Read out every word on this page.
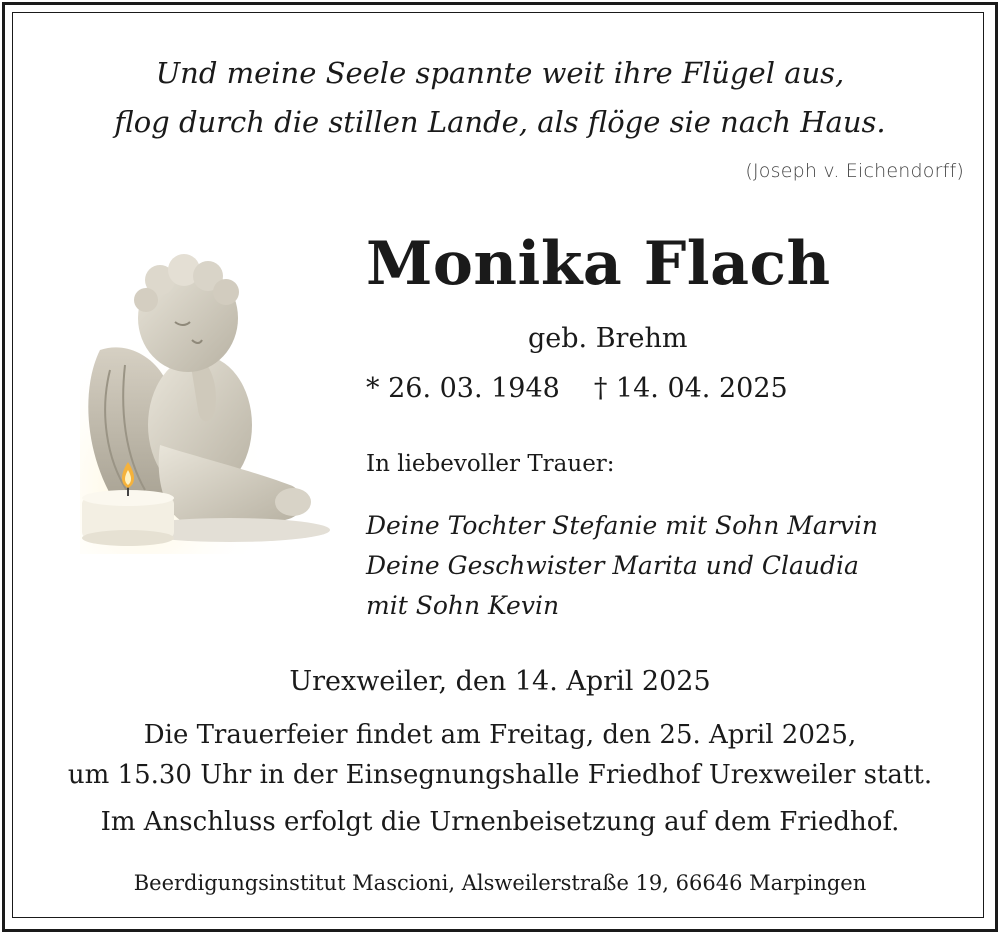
Und meine Seele spannte weit ihre Flügel aus,
flog durch die stillen Lande, als flöge sie nach Haus.
(Joseph v. Eichendorff)
Monika Flach
geb. Brehm
* 26. 03. 1948 † 14. 04. 2025
In liebevoller Trauer:
Deine Tochter Stefanie mit Sohn Marvin
Deine Geschwister Marita und Claudia
mit Sohn Kevin
Urexweiler, den 14. April 2025
Die Trauerfeier findet am Freitag, den 25. April 2025,
um 15.30 Uhr in der Einsegnungshalle Friedhof Urexweiler statt.
Im Anschluss erfolgt die Urnenbeisetzung auf dem Friedhof.
Beerdigungsinstitut Mascioni, Alsweilerstraße 19, 66646 Marpingen
